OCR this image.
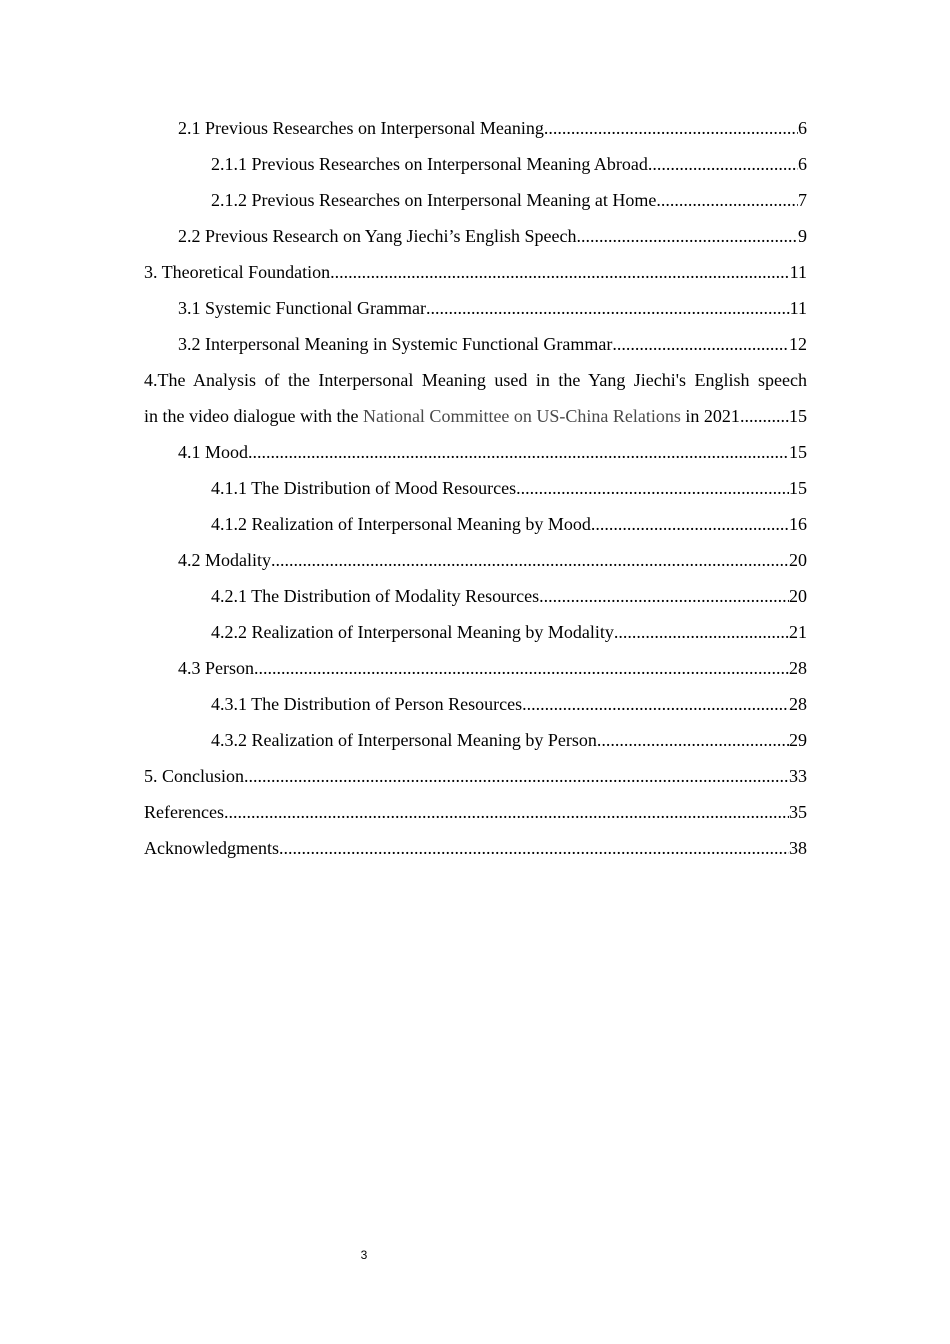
2.1 Previous Researches on Interpersonal Meaning .....	6
2.1.1 Previous Researches on Interpersonal Meaning Abroad .....	6
2.1.2 Previous Researches on Interpersonal Meaning at Home .....	7
2.2 Previous Research on Yang Jiechi’s English Speech .....	9
3. Theoretical Foundation .....	11
3.1 Systemic Functional Grammar .....	11
3.2 Interpersonal Meaning in Systemic Functional Grammar .....	12
4.The Analysis of the Interpersonal Meaning used in the Yang Jiechi's English speech
in the video dialogue with the National Committee on US-China Relations in 2021 .....	15
4.1 Mood .....	15
4.1.1 The Distribution of Mood Resources .....	15
4.1.2 Realization of Interpersonal Meaning by Mood .....	16
4.2 Modality .....	20
4.2.1 The Distribution of Modality Resources .....	20
4.2.2 Realization of Interpersonal Meaning by Modality .....	21
4.3 Person .....	28
4.3.1 The Distribution of Person Resources .....	28
4.3.2 Realization of Interpersonal Meaning by Person .....	29
5. Conclusion .....	33
References .....	35
Acknowledgments .....	38
3
